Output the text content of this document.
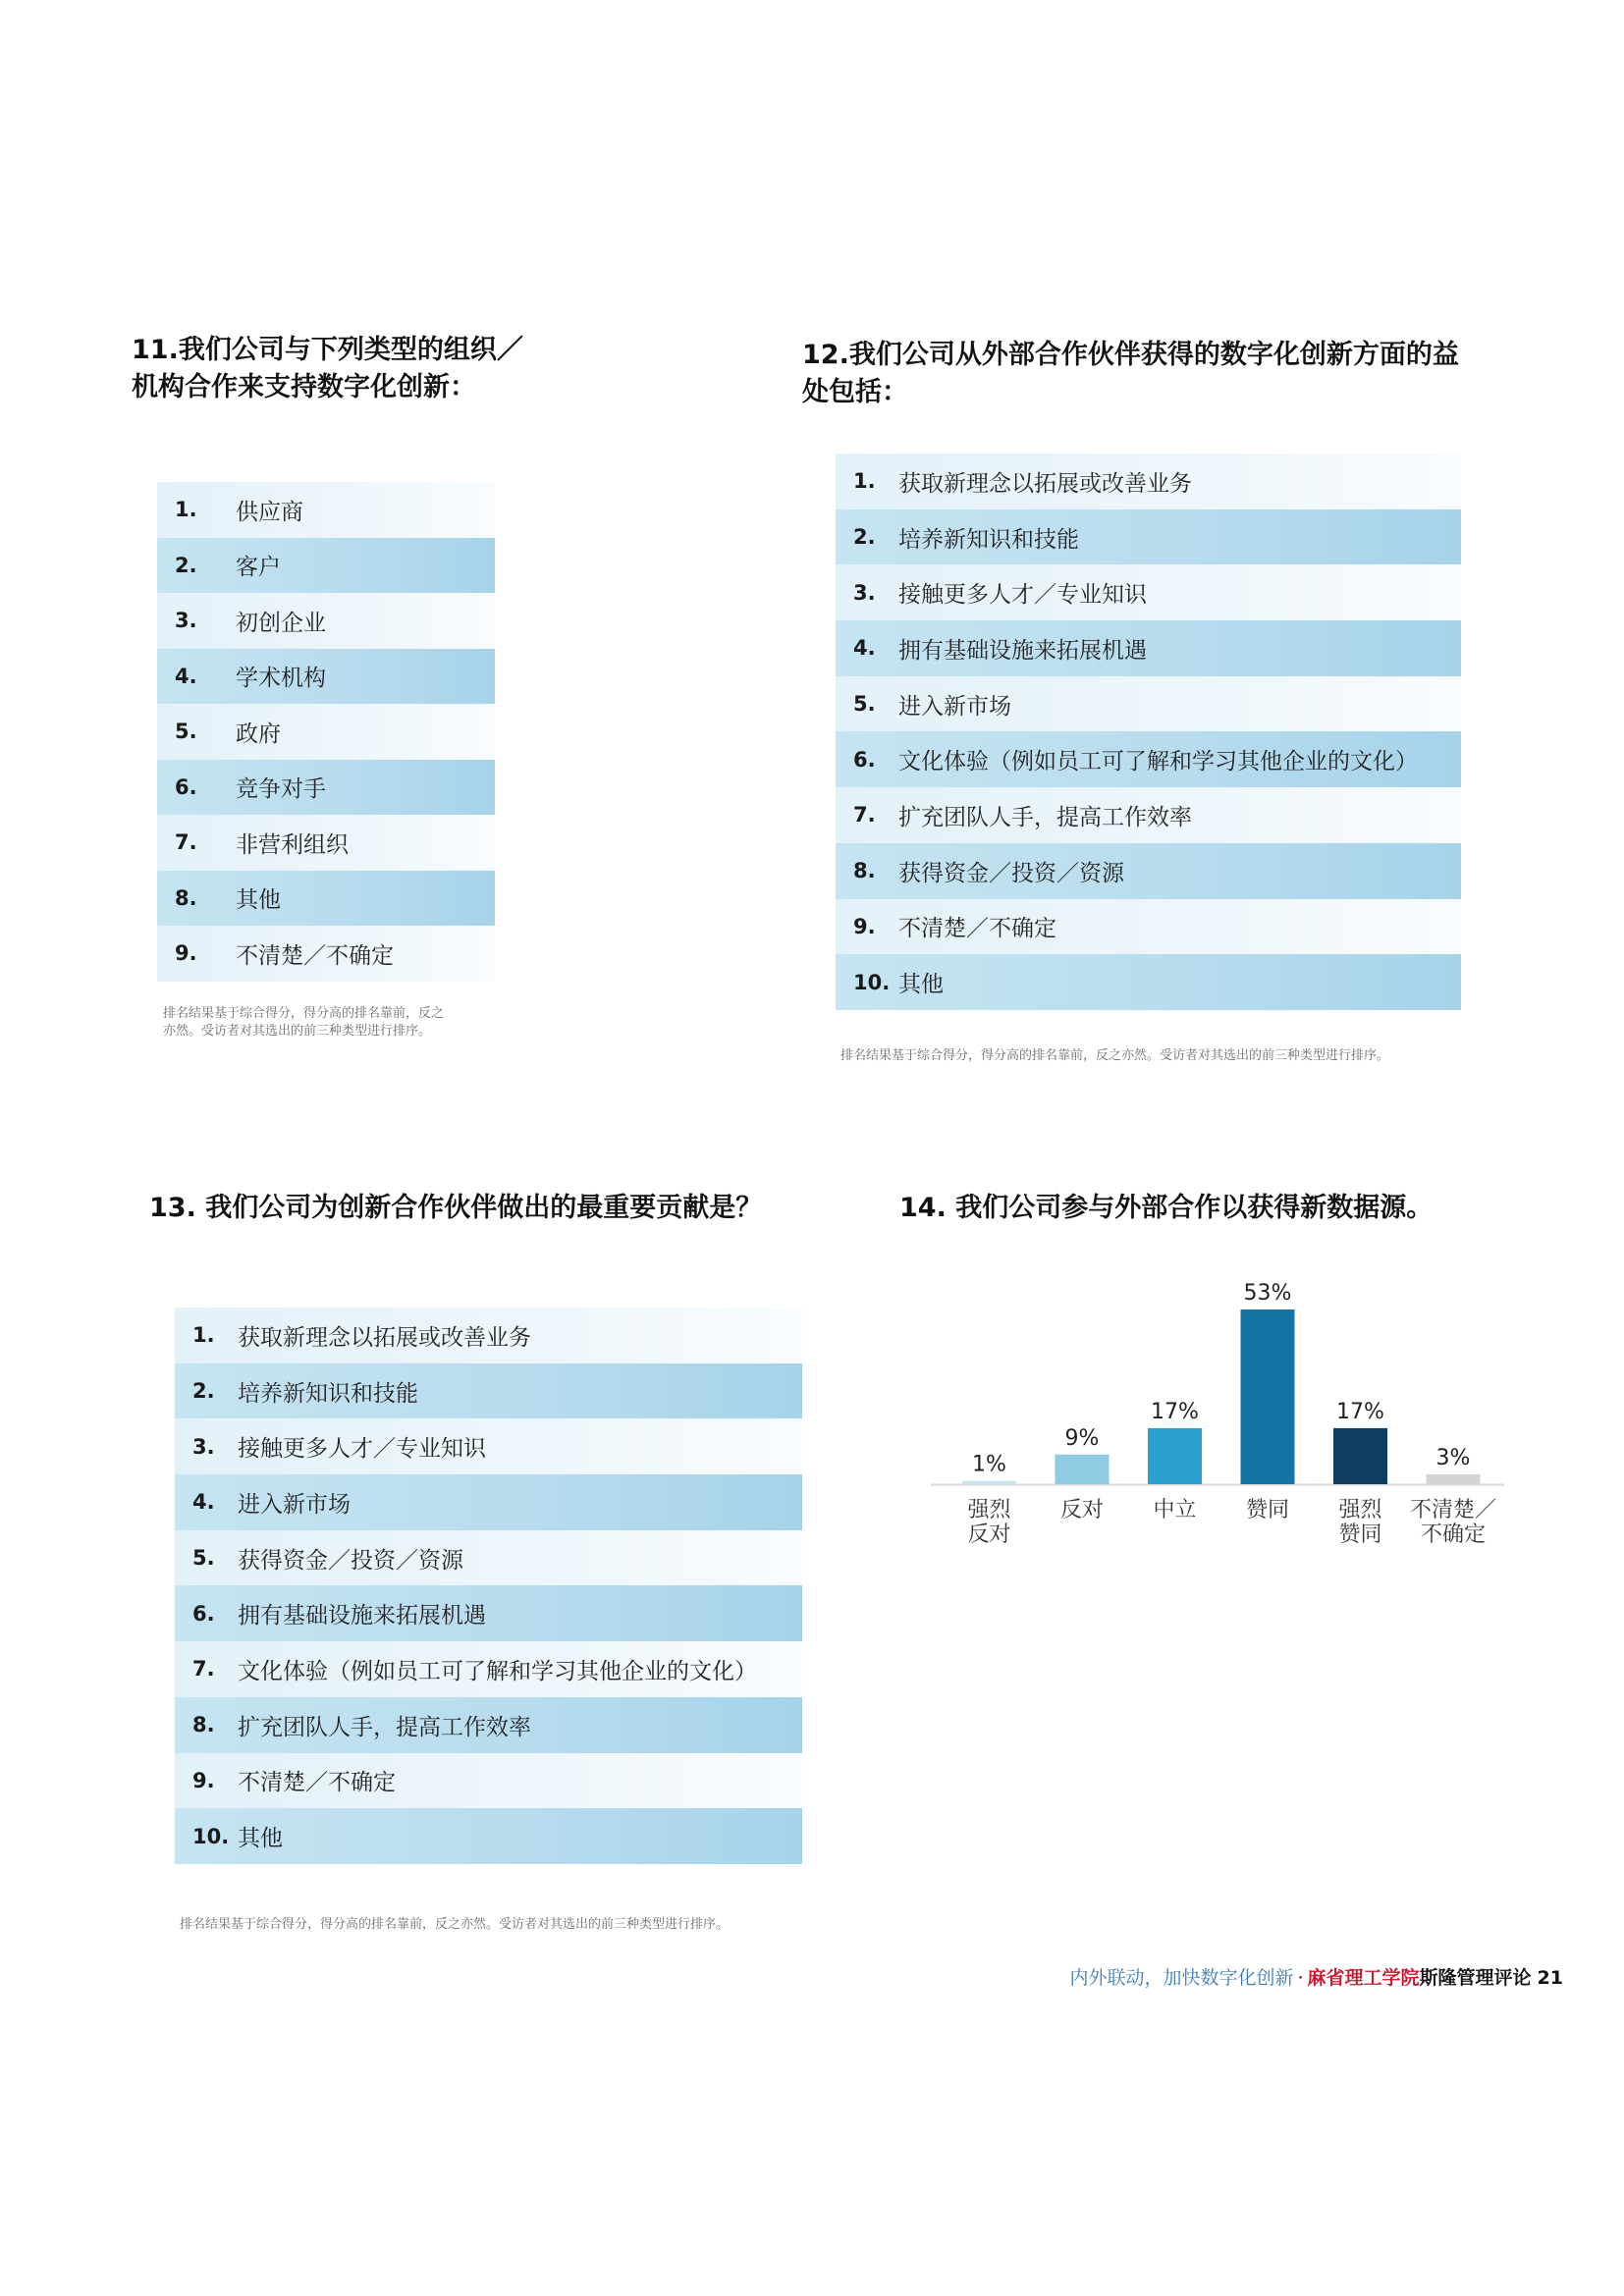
11.我们公司与下列类型的组织／

机构合作来支持数字化创新：

1.	供应商
2.	客户
3.	初创企业
4.	学术机构
5.	政府
6.	竞争对手
7.	非营利组织
8.	其他
9.	不清楚／不确定
排名结果基于综合得分，得分高的排名靠前，反之
亦然。受访者对其选出的前三种类型进行排序。

12.我们公司从外部合作伙伴获得的数字化创新方面的益

处包括：

1.	获取新理念以拓展或改善业务
2.	培养新知识和技能
3.	接触更多人才／专业知识
4.	拥有基础设施来拓展机遇
5.	进入新市场
6.	文化体验（例如员工可了解和学习其他企业的文化）
7.	扩充团队人手，提高工作效率
8.	获得资金／投资／资源
9.	不清楚／不确定
10. 其他
排名结果基于综合得分，得分高的排名靠前，反之亦然。受访者对其选出的前三种类型进行排序。

13. 我们公司为创新合作伙伴做出的最重要贡献是？

1.	获取新理念以拓展或改善业务
2.	培养新知识和技能
3.	接触更多人才／专业知识
4.	进入新市场
5.	获得资金／投资／资源
6.	拥有基础设施来拓展机遇
7.	文化体验（例如员工可了解和学习其他企业的文化）
8.	扩充团队人手，提高工作效率
9.	不清楚／不确定
10. 其他
排名结果基于综合得分，得分高的排名靠前，反之亦然。受访者对其选出的前三种类型进行排序。

14. 我们公司参与外部合作以获得新数据源。

1%
强烈
反对
9%
反对
17%
中立
53%
赞同
17%
强烈
赞同
3%
不清楚／
不确定
内外联动，加快数字化创新 · 麻省理工学院斯隆管理评论 21
